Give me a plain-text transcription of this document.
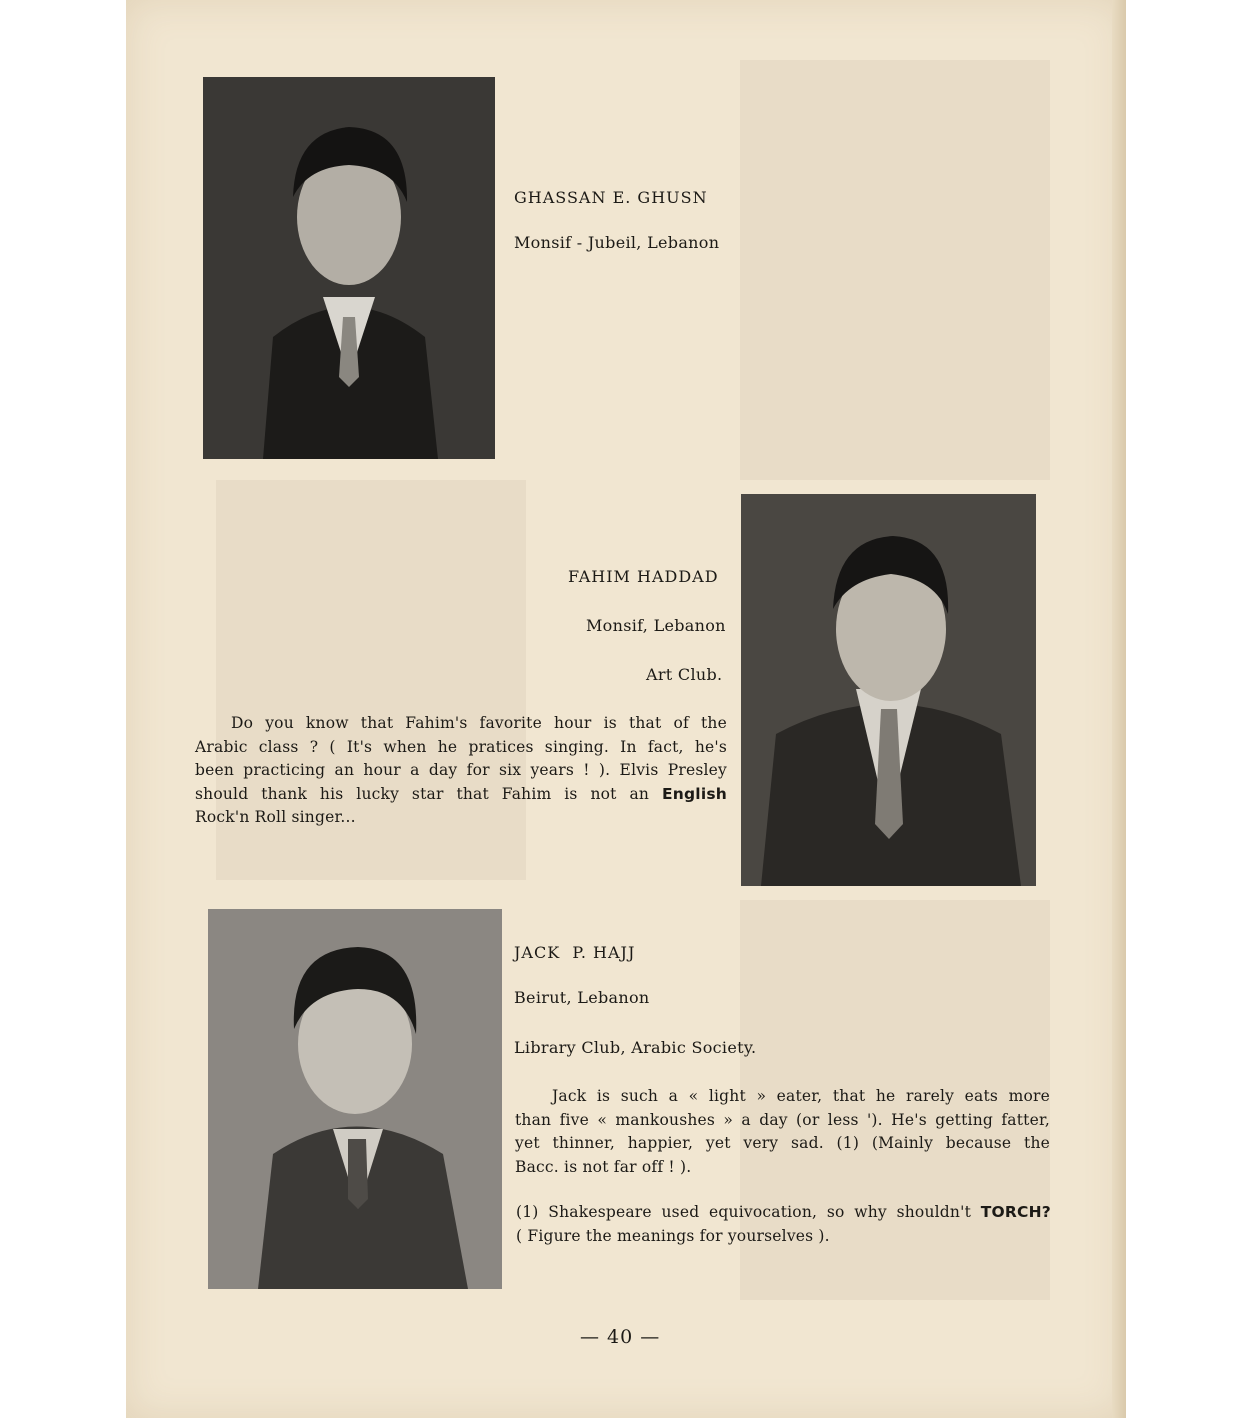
GHASSAN E. GHUSN
Monsif - Jubeil, Lebanon
FAHIM HADDAD
Monsif, Lebanon
Art Club.
Do you know that Fahim's favorite hour is that of the
Arabic class ? ( It's when he pratices singing. In fact, he's
been practicing an hour a day for six years ! ). Elvis Presley
should thank his lucky star that Fahim is not an English
Rock'n Roll singer...
JACK  P. HAJJ
Beirut, Lebanon
Library Club, Arabic Society.
Jack is such a « light » eater, that he rarely eats more
than five « mankoushes » a day (or less '). He's getting fatter,
yet thinner, happier, yet very sad. (1) (Mainly because the
Bacc. is not far off ! ).
(1) Shakespeare used equivocation, so why shouldn't TORCH?
( Figure the meanings for yourselves ).
— 40 —
